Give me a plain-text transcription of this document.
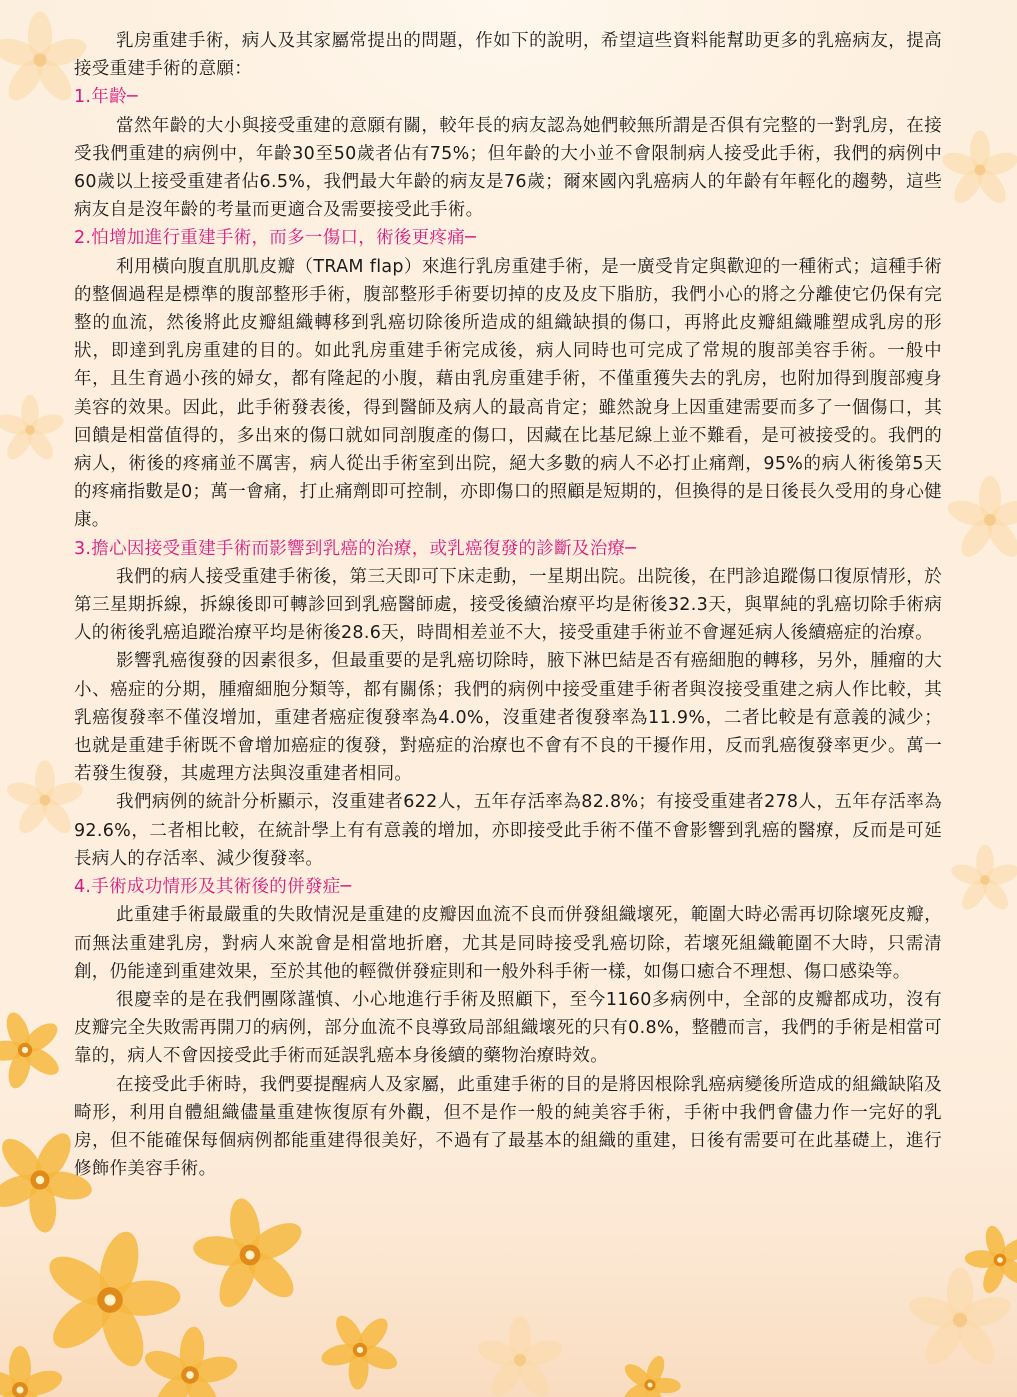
乳房重建手術，病人及其家屬常提出的問題，作如下的說明，希望這些資料能幫助更多的乳癌病友，提高接受重建手術的意願：

1.年齡─

當然年齡的大小與接受重建的意願有關，較年長的病友認為她們較無所謂是否俱有完整的一對乳房，在接受我們重建的病例中，年齡30至50歲者佔有75%；但年齡的大小並不會限制病人接受此手術，我們的病例中60歲以上接受重建者佔6.5%，我們最大年齡的病友是76歲；爾來國內乳癌病人的年齡有年輕化的趨勢，這些病友自是沒年齡的考量而更適合及需要接受此手術。

2.怕增加進行重建手術，而多一傷口，術後更疼痛─

利用橫向腹直肌肌皮瓣（TRAM flap）來進行乳房重建手術，是一廣受肯定與歡迎的一種術式；這種手術的整個過程是標準的腹部整形手術，腹部整形手術要切掉的皮及皮下脂肪，我們小心的將之分離使它仍保有完整的血流，然後將此皮瓣組織轉移到乳癌切除後所造成的組織缺損的傷口，再將此皮瓣組織雕塑成乳房的形狀，即達到乳房重建的目的。如此乳房重建手術完成後，病人同時也可完成了常規的腹部美容手術。一般中年，且生育過小孩的婦女，都有隆起的小腹，藉由乳房重建手術，不僅重獲失去的乳房，也附加得到腹部瘦身美容的效果。因此，此手術發表後，得到醫師及病人的最高肯定；雖然說身上因重建需要而多了一個傷口，其回饋是相當值得的，多出來的傷口就如同剖腹產的傷口，因藏在比基尼線上並不難看，是可被接受的。我們的病人，術後的疼痛並不厲害，病人從出手術室到出院，絕大多數的病人不必打止痛劑，95%的病人術後第5天的疼痛指數是0；萬一會痛，打止痛劑即可控制，亦即傷口的照顧是短期的，但換得的是日後長久受用的身心健康。

3.擔心因接受重建手術而影響到乳癌的治療，或乳癌復發的診斷及治療─

我們的病人接受重建手術後，第三天即可下床走動，一星期出院。出院後，在門診追蹤傷口復原情形，於第三星期拆線，拆線後即可轉診回到乳癌醫師處，接受後續治療平均是術後32.3天，與單純的乳癌切除手術病人的術後乳癌追蹤治療平均是術後28.6天，時間相差並不大，接受重建手術並不會遲延病人後續癌症的治療。

影響乳癌復發的因素很多，但最重要的是乳癌切除時，腋下淋巴結是否有癌細胞的轉移，另外，腫瘤的大小、癌症的分期，腫瘤細胞分類等，都有關係；我們的病例中接受重建手術者與沒接受重建之病人作比較，其乳癌復發率不僅沒增加，重建者癌症復發率為4.0%，沒重建者復發率為11.9%，二者比較是有意義的減少；也就是重建手術既不會增加癌症的復發，對癌症的治療也不會有不良的干擾作用，反而乳癌復發率更少。萬一若發生復發，其處理方法與沒重建者相同。

我們病例的統計分析顯示，沒重建者622人，五年存活率為82.8%；有接受重建者278人，五年存活率為92.6%，二者相比較，在統計學上有有意義的增加，亦即接受此手術不僅不會影響到乳癌的醫療，反而是可延長病人的存活率、減少復發率。

4.手術成功情形及其術後的併發症─

此重建手術最嚴重的失敗情況是重建的皮瓣因血流不良而併發組織壞死，範圍大時必需再切除壞死皮瓣，而無法重建乳房，對病人來說會是相當地折磨，尤其是同時接受乳癌切除，若壞死組織範圍不大時，只需清創，仍能達到重建效果，至於其他的輕微併發症則和一般外科手術一樣，如傷口癒合不理想、傷口感染等。

很慶幸的是在我們團隊謹慎、小心地進行手術及照顧下，至今1160多病例中，全部的皮瓣都成功，沒有皮瓣完全失敗需再開刀的病例，部分血流不良導致局部組織壞死的只有0.8%，整體而言，我們的手術是相當可靠的，病人不會因接受此手術而延誤乳癌本身後續的藥物治療時效。

在接受此手術時，我們要提醒病人及家屬，此重建手術的目的是將因根除乳癌病變後所造成的組織缺陷及畸形，利用自體組織儘量重建恢復原有外觀，但不是作一般的純美容手術，手術中我們會儘力作一完好的乳房，但不能確保每個病例都能重建得很美好，不過有了最基本的組織的重建，日後有需要可在此基礎上，進行修飾作美容手術。
